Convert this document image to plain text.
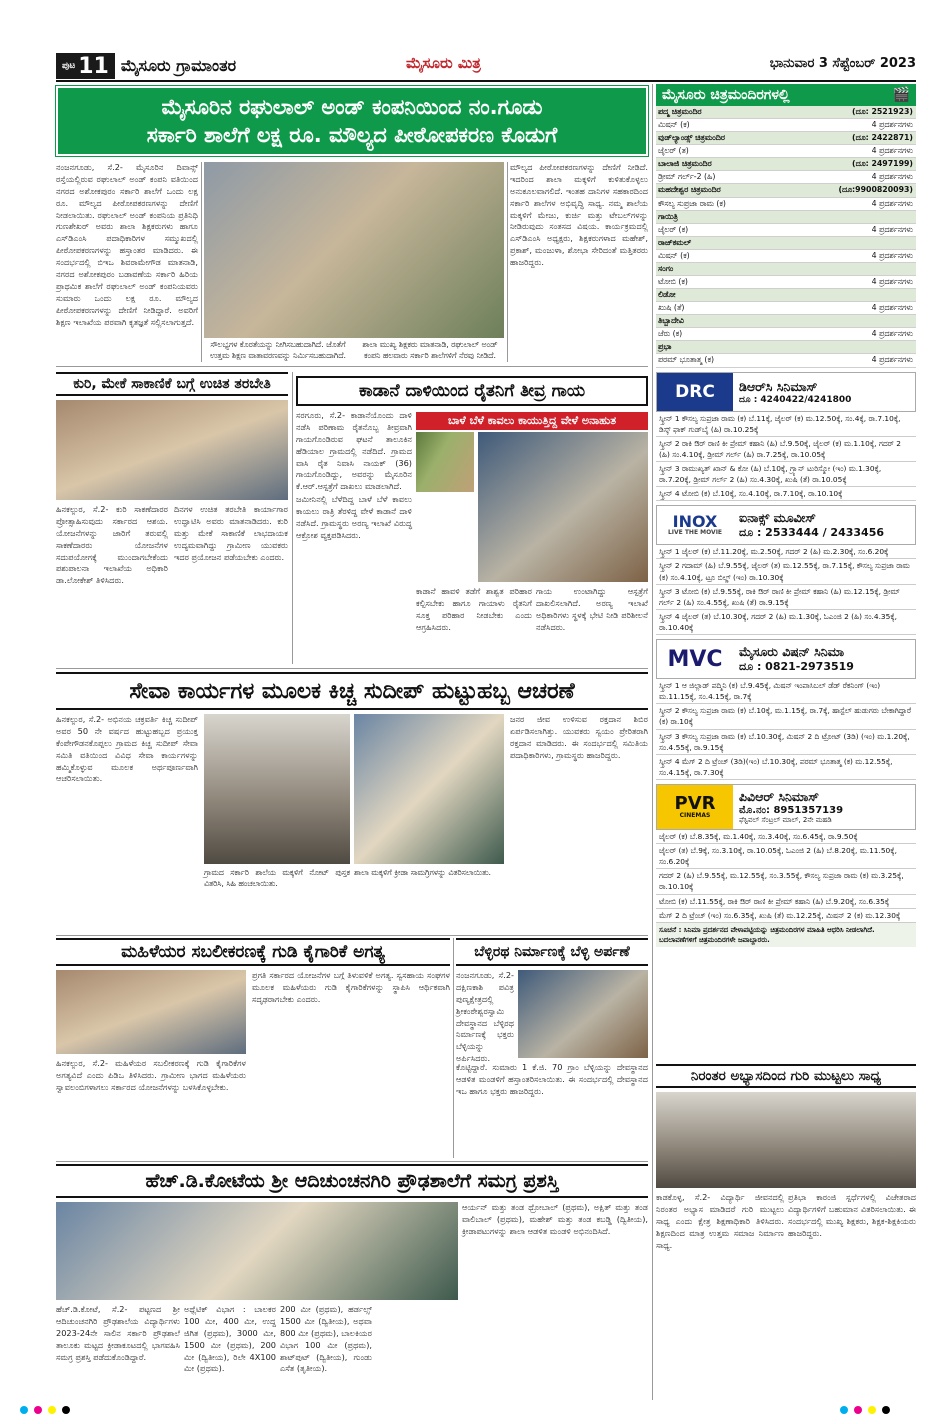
ಪುಟ 11 ಮೈಸೂರು ಗ್ರಾಮಾಂತರ	ಮೈಸೂರು ಮಿತ್ರ	ಭಾನುವಾರ 3 ಸೆಪ್ಟೆಂಬರ್ 2023
ಮೈಸೂರಿನ ರಘುಲಾಲ್ ಅಂಡ್ ಕಂಪನಿಯಿಂದ ನಂ.ಗೂಡು
ಸರ್ಕಾರಿ ಶಾಲೆಗೆ ಲಕ್ಷ ರೂ. ಮೌಲ್ಯದ ಪೀಠೋಪಕರಣ ಕೊಡುಗೆ
ನಂಜನಗೂಡು, ಸೆ.2- ಮೈಸೂರಿನ ದಿವಾನ್ಸ್ ರಸ್ತೆಯಲ್ಲಿರುವ ರಘುಲಾಲ್ ಅಂಡ್ ಕಂಪನಿ ವತಿಯಿಂದ ನಗರದ ಅಶೋಕಪುರಂ ಸರ್ಕಾರಿ ಶಾಲೆಗೆ ಒಂದು ಲಕ್ಷ ರೂ. ಮೌಲ್ಯದ ಪೀಠೋಪಕರಣಗಳನ್ನು ದೇಣಿಗೆ ನೀಡಲಾಯಿತು. ರಘುಲಾಲ್ ಅಂಡ್ ಕಂಪನಿಯ ಪ್ರತಿನಿಧಿ ಗುಣಶೇಖರ್ ಅವರು ಶಾಲಾ ಶಿಕ್ಷಕರುಗಳು ಹಾಗೂ ಎಸ್‌ಡಿಎಂಸಿ ಪದಾಧಿಕಾರಿಗಳ ಸಮ್ಮುಖದಲ್ಲಿ ಪೀಠೋಪಕರಣಗಳನ್ನು ಹಸ್ತಾಂತರ ಮಾಡಿದರು. ಈ ಸಂದರ್ಭದಲ್ಲಿ ಬಿಇಒ ಶಿವರಾಮೇಗೌಡ ಮಾತನಾಡಿ, ನಗರದ ಅಶೋಕಪುರಂ ಬಡಾವಣೆಯ ಸರ್ಕಾರಿ ಹಿರಿಯ ಪ್ರಾಥಮಿಕ ಶಾಲೆಗೆ ರಘುಲಾಲ್ ಅಂಡ್ ಕಂಪನಿಯವರು ಸುಮಾರು ಒಂದು ಲಕ್ಷ ರೂ. ಮೌಲ್ಯದ ಪೀಠೋಪಕರಣಗಳನ್ನು ದೇಣಿಗೆ ನೀಡಿದ್ದಾರೆ. ಅವರಿಗೆ ಶಿಕ್ಷಣ ಇಲಾಖೆಯ ಪರವಾಗಿ ಕೃತಜ್ಞತೆ ಸಲ್ಲಿಸಲಾಗುತ್ತದೆ.
ಸೌಲಭ್ಯಗಳ ಕೊರತೆಯನ್ನು ನೀಗಿಸಬಹುದಾಗಿದೆ. ಜೊತೆಗೆ ಉತ್ತಮ ಶಿಕ್ಷಣ ವಾತಾವರಣವನ್ನು ನಿರ್ಮಿಸಬಹುದಾಗಿದೆ.
ಶಾಲಾ ಮುಖ್ಯ ಶಿಕ್ಷಕರು ಮಾತನಾಡಿ, ರಘುಲಾಲ್ ಅಂಡ್ ಕಂಪನಿ ಹಲವಾರು ಸರ್ಕಾರಿ ಶಾಲೆಗಳಿಗೆ ನೆರವು ನೀಡಿದೆ.
ಮೌಲ್ಯದ ಪೀಠೋಪಕರಣಗಳನ್ನು ದೇಣಿಗೆ ನೀಡಿದೆ. ಇದರಿಂದ ಶಾಲಾ ಮಕ್ಕಳಿಗೆ ಕುಳಿತುಕೊಳ್ಳಲು ಅನುಕೂಲವಾಗಲಿದೆ. ಇಂತಹ ದಾನಿಗಳ ಸಹಕಾರದಿಂದ ಸರ್ಕಾರಿ ಶಾಲೆಗಳ ಅಭಿವೃದ್ಧಿ ಸಾಧ್ಯ. ನಮ್ಮ ಶಾಲೆಯ ಮಕ್ಕಳಿಗೆ ಮೇಜು, ಕುರ್ಚಿ ಮತ್ತು ಟೇಬಲ್‌ಗಳನ್ನು ನೀಡಿರುವುದು ಸಂತಸದ ವಿಷಯ. ಕಾರ್ಯಕ್ರಮದಲ್ಲಿ ಎಸ್‌ಡಿಎಂಸಿ ಅಧ್ಯಕ್ಷರು, ಶಿಕ್ಷಕರುಗಳಾದ ಮಹೇಶ್, ಪ್ರಕಾಶ್, ಮಂಜುಳಾ, ಶೋಭಾ ಸೇರಿದಂತೆ ಮತ್ತಿತರರು ಹಾಜರಿದ್ದರು.
ಕುರಿ, ಮೇಕೆ ಸಾಕಾಣಿಕೆ ಬಗ್ಗೆ ಉಚಿತ ತರಬೇತಿ
ಹಿನಕಲ್ಪುರ, ಸೆ.2- ಕುರಿ ಸಾಕಣೆದಾರರ ಪ್ರೋತ್ಸಾಹಿಸುವುದು ಸರ್ಕಾರದ ಆಶಯ. ಯೋಜನೆಗಳನ್ನು ಜಾರಿಗೆ ತರುವಲ್ಲಿ ಸಾಕಣೆದಾರರು ಯೋಜನೆಗಳ ಸದುಪಯೋಗಕ್ಕೆ ಮುಂದಾಗಬೇಕೆಂದು ಪಶುಪಾಲನಾ ಇಲಾಖೆಯ ಅಧಿಕಾರಿ ಡಾ.ಲೋಕೇಶ್ ತಿಳಿಸಿದರು.
ದಿನಗಳ ಉಚಿತ ತರಬೇತಿ ಕಾರ್ಯಾಗಾರ ಉದ್ಘಾಟಿಸಿ ಅವರು ಮಾತನಾಡಿದರು. ಕುರಿ ಮತ್ತು ಮೇಕೆ ಸಾಕಾಣಿಕೆ ಲಾಭದಾಯಕ ಉದ್ಯಮವಾಗಿದ್ದು ಗ್ರಾಮೀಣ ಯುವಕರು ಇದರ ಪ್ರಯೋಜನ ಪಡೆಯಬೇಕು ಎಂದರು.
ಕಾಡಾನೆ ದಾಳಿಯಿಂದ ರೈತನಿಗೆ ತೀವ್ರ ಗಾಯ
ಸರಗೂರು, ಸೆ.2- ಕಾಡಾನೆಯೊಂದು ದಾಳಿ ನಡೆಸಿ ಪರಿಣಾಮ ರೈತನೊಬ್ಬ ತೀವ್ರವಾಗಿ ಗಾಯಗೊಂಡಿರುವ ಘಟನೆ ತಾಲೂಕಿನ ಹೆಡಿಯಾಲ ಗ್ರಾಮದಲ್ಲಿ ನಡೆದಿದೆ. ಗ್ರಾಮದ ವಾಸಿ ರೈತ ನಿವಾಸಿ ನಾಯಕ್ (36) ಗಾಯಗೊಂಡಿದ್ದು, ಅವರನ್ನು ಮೈಸೂರಿನ ಕೆ.ಆರ್.ಆಸ್ಪತ್ರೆಗೆ ದಾಖಲು ಮಾಡಲಾಗಿದೆ.
ಬಾಳೆ ಬೆಳೆ ಕಾವಲು ಕಾಯುತ್ತಿದ್ದ ವೇಳೆ ಅನಾಹುತ
ಜಮೀನಿನಲ್ಲಿ ಬೆಳೆದಿದ್ದ ಬಾಳೆ ಬೆಳೆ ಕಾವಲು ಕಾಯಲು ರಾತ್ರಿ ತೆರಳಿದ್ದ ವೇಳೆ ಕಾಡಾನೆ ದಾಳಿ ನಡೆಸಿದೆ. ಗ್ರಾಮಸ್ಥರು ಅರಣ್ಯ ಇಲಾಖೆ ವಿರುದ್ಧ ಆಕ್ರೋಶ ವ್ಯಕ್ತಪಡಿಸಿದರು.
ಕಾಡಾನೆ ಹಾವಳಿ ತಡೆಗೆ ಶಾಶ್ವತ ಪರಿಹಾರ ಕಲ್ಪಿಸಬೇಕು ಹಾಗೂ ಗಾಯಾಳು ರೈತನಿಗೆ ಸೂಕ್ತ ಪರಿಹಾರ ನೀಡಬೇಕು ಎಂದು ಆಗ್ರಹಿಸಿದರು.
ಗಾಯ ಉಂಟಾಗಿದ್ದು ಆಸ್ಪತ್ರೆಗೆ ದಾಖಲಿಸಲಾಗಿದೆ. ಅರಣ್ಯ ಇಲಾಖೆ ಅಧಿಕಾರಿಗಳು ಸ್ಥಳಕ್ಕೆ ಭೇಟಿ ನೀಡಿ ಪರಿಶೀಲನೆ ನಡೆಸಿದರು.
ಸೇವಾ ಕಾರ್ಯಗಳ ಮೂಲಕ ಕಿಚ್ಚ ಸುದೀಪ್ ಹುಟ್ಟುಹಬ್ಬ ಆಚರಣೆ
ಹಿನಕಲ್ಪುರ, ಸೆ.2- ಅಭಿನಯ ಚಕ್ರವರ್ತಿ ಕಿಚ್ಚ ಸುದೀಪ್ ಅವರ 50 ನೇ ವರ್ಷದ ಹುಟ್ಟುಹಬ್ಬದ ಪ್ರಯುಕ್ತ ಕೆಂಪೇಗೌಡನಕೊಪ್ಪಲು ಗ್ರಾಮದ ಕಿಚ್ಚ ಸುದೀಪ್ ಸೇವಾ ಸಮಿತಿ ವತಿಯಿಂದ ವಿವಿಧ ಸೇವಾ ಕಾರ್ಯಗಳನ್ನು ಹಮ್ಮಿಕೊಳ್ಳುವ ಮೂಲಕ ಅರ್ಥಪೂರ್ಣವಾಗಿ ಆಚರಿಸಲಾಯಿತು.
ಗ್ರಾಮದ ಸರ್ಕಾರಿ ಶಾಲೆಯ ಮಕ್ಕಳಿಗೆ ನೋಟ್ ಪುಸ್ತಕ ವಿತರಿಸಿ, ಸಿಹಿ ಹಂಚಲಾಯಿತು.
ಶಾಲಾ ಮಕ್ಕಳಿಗೆ ಕ್ರೀಡಾ ಸಾಮಗ್ರಿಗಳನ್ನು ವಿತರಿಸಲಾಯಿತು.
ಜನರ ಜೀವ ಉಳಿಸುವ ರಕ್ತದಾನ ಶಿಬಿರ ಏರ್ಪಡಿಸಲಾಗಿತ್ತು. ಯುವಕರು ಸ್ವಯಂ ಪ್ರೇರಿತರಾಗಿ ರಕ್ತದಾನ ಮಾಡಿದರು. ಈ ಸಂದರ್ಭದಲ್ಲಿ ಸಮಿತಿಯ ಪದಾಧಿಕಾರಿಗಳು, ಗ್ರಾಮಸ್ಥರು ಹಾಜರಿದ್ದರು.
ಮಹಿಳೆಯರ ಸಬಲೀಕರಣಕ್ಕೆ ಗುಡಿ ಕೈಗಾರಿಕೆ ಅಗತ್ಯ
ಹಿನಕಲ್ಪುರ, ಸೆ.2- ಮಹಿಳೆಯರ ಸಬಲೀಕರಣಕ್ಕೆ ಗುಡಿ ಕೈಗಾರಿಕೆಗಳ ಅಗತ್ಯವಿದೆ ಎಂದು ಪಿಡಿಒ ತಿಳಿಸಿದರು. ಗ್ರಾಮೀಣ ಭಾಗದ ಮಹಿಳೆಯರು ಸ್ವಾವಲಂಬಿಗಳಾಗಲು ಸರ್ಕಾರದ ಯೋಜನೆಗಳನ್ನು ಬಳಸಿಕೊಳ್ಳಬೇಕು.
ಪ್ರಗತಿ ಸರ್ಕಾರದ ಯೋಜನೆಗಳ ಬಗ್ಗೆ ತಿಳುವಳಿಕೆ ಅಗತ್ಯ. ಸ್ವಸಹಾಯ ಸಂಘಗಳ ಮೂಲಕ ಮಹಿಳೆಯರು ಗುಡಿ ಕೈಗಾರಿಕೆಗಳನ್ನು ಸ್ಥಾಪಿಸಿ ಆರ್ಥಿಕವಾಗಿ ಸದೃಢರಾಗಬೇಕು ಎಂದರು.
ಬೆಳ್ಳಿರಥ ನಿರ್ಮಾಣಕ್ಕೆ ಬೆಳ್ಳಿ ಅರ್ಪಣೆ
ನಂಜನಗೂಡು, ಸೆ.2- ದಕ್ಷಿಣಕಾಶಿ ಪವಿತ್ರ ಪುಣ್ಯಕ್ಷೇತ್ರದಲ್ಲಿ ಶ್ರೀಕಂಠೇಶ್ವರಸ್ವಾಮಿ ದೇವಸ್ಥಾನದ ಬೆಳ್ಳಿರಥ ನಿರ್ಮಾಣಕ್ಕೆ ಭಕ್ತರು ಬೆಳ್ಳಿಯನ್ನು ಅರ್ಪಿಸಿದರು.
ಕೊಟ್ಟಿದ್ದಾರೆ. ಸುಮಾರು 1 ಕೆ.ಜಿ. 70 ಗ್ರಾಂ ಬೆಳ್ಳಿಯನ್ನು ದೇವಸ್ಥಾನದ ಆಡಳಿತ ಮಂಡಳಿಗೆ ಹಸ್ತಾಂತರಿಸಲಾಯಿತು. ಈ ಸಂದರ್ಭದಲ್ಲಿ ದೇವಸ್ಥಾನದ ಇಒ ಹಾಗೂ ಭಕ್ತರು ಹಾಜರಿದ್ದರು.
ಹೆಚ್.ಡಿ.ಕೋಟೆಯ ಶ್ರೀ ಆದಿಚುಂಚನಗಿರಿ ಪ್ರೌಢಶಾಲೆಗೆ ಸಮಗ್ರ ಪ್ರಶಸ್ತಿ
ಹೆಚ್.ಡಿ.ಕೋಟೆ, ಸೆ.2- ಪಟ್ಟಣದ ಶ್ರೀ ಆದಿಚುಂಚನಗಿರಿ ಪ್ರೌಢಶಾಲೆಯ ವಿದ್ಯಾರ್ಥಿಗಳು 2023-24ನೇ ಸಾಲಿನ ಸರ್ಕಾರಿ ಪ್ರೌಢಶಾಲೆ ತಾಲೂಕು ಮಟ್ಟದ ಕ್ರೀಡಾಕೂಟದಲ್ಲಿ ಭಾಗವಹಿಸಿ ಸಮಗ್ರ ಪ್ರಶಸ್ತಿ ಪಡೆದುಕೊಂಡಿದ್ದಾರೆ.
ಅಥ್ಲೆಟಿಕ್ ವಿಭಾಗ : ಬಾಲಕರ 100 ಮೀ, 400 ಮೀ, ಉದ್ದ ಜಿಗಿತ (ಪ್ರಥಮ), 3000 ಮೀ, 1500 ಮೀ (ಪ್ರಥಮ), 200 ಮೀ (ದ್ವಿತೀಯ), ರಿಲೇ 4X100 ಮೀ (ಪ್ರಥಮ).
200 ಮೀ (ಪ್ರಥಮ), ಹರ್ಡಲ್ಸ್ 1500 ಮೀ (ದ್ವಿತೀಯ), ಅಥವಾ 800 ಮೀ (ಪ್ರಥಮ), ಬಾಲಕಿಯರ ವಿಭಾಗ 100 ಮೀ (ಪ್ರಥಮ), ಶಾಟ್‌ಪುಟ್ (ದ್ವಿತೀಯ), ಗುಂಡು ಎಸೆತ (ತೃತೀಯ).
ಆರ್ಯನ್ ಮತ್ತು ತಂಡ ಥ್ರೋಬಾಲ್ (ಪ್ರಥಮ), ಅಕ್ಷಿತ್ ಮತ್ತು ತಂಡ ವಾಲಿಬಾಲ್ (ಪ್ರಥಮ), ಮಹೇಶ್ ಮತ್ತು ತಂಡ ಕಬಡ್ಡಿ (ದ್ವಿತೀಯ), ಕ್ರೀಡಾಪಟುಗಳನ್ನು ಶಾಲಾ ಆಡಳಿತ ಮಂಡಳಿ ಅಭಿನಂದಿಸಿದೆ.
ನಿರಂತರ ಅಭ್ಯಾಸದಿಂದ ಗುರಿ ಮುಟ್ಟಲು ಸಾಧ್ಯ
ಕಾಡಕೊಳ್ಳ, ಸೆ.2- ವಿದ್ಯಾರ್ಥಿ ಜೀವನದಲ್ಲಿ ನಿರಂತರ ಅಭ್ಯಾಸ ಮಾಡಿದರೆ ಗುರಿ ಮುಟ್ಟಲು ಸಾಧ್ಯ ಎಂದು ಕ್ಷೇತ್ರ ಶಿಕ್ಷಣಾಧಿಕಾರಿ ತಿಳಿಸಿದರು. ಶಿಕ್ಷಣದಿಂದ ಮಾತ್ರ ಉತ್ತಮ ಸಮಾಜ ನಿರ್ಮಾಣ ಸಾಧ್ಯ.
ಪ್ರತಿಭಾ ಕಾರಂಜಿ ಸ್ಪರ್ಧೆಗಳಲ್ಲಿ ವಿಜೇತರಾದ ವಿದ್ಯಾರ್ಥಿಗಳಿಗೆ ಬಹುಮಾನ ವಿತರಿಸಲಾಯಿತು. ಈ ಸಂದರ್ಭದಲ್ಲಿ ಮುಖ್ಯ ಶಿಕ್ಷಕರು, ಶಿಕ್ಷಕ-ಶಿಕ್ಷಕಿಯರು ಹಾಜರಿದ್ದರು.
ಮೈಸೂರು ಚಿತ್ರಮಂದಿರಗಳಲ್ಲಿ	🎬
ಪದ್ಮ ಚಿತ್ರಮಂದಿರ	(ದೂ: 2521923)
ಮಿಷನ್ (ಕ)	4 ಪ್ರದರ್ಶನಗಳು
ವುಡ್‌ಲ್ಯಾಂಡ್ಸ್ ಚಿತ್ರಮಂದಿರ	(ದೂ: 2422871)
ಜೈಲರ್ (ತ)	4 ಪ್ರದರ್ಶನಗಳು
ಬಾಲಾಜಿ ಚಿತ್ರಮಂದಿರ	(ದೂ: 2497199)
ಡ್ರೀಮ್ ಗರ್ಲ್-2 (ಹಿ)	4 ಪ್ರದರ್ಶನಗಳು
ಮಹದೇಶ್ವರ ಚಿತ್ರಮಂದಿರ	(ದೂ:9900820093)
ಕೌಸಲ್ಯ ಸುಪ್ರಜಾ ರಾಮ (ಕ)	4 ಪ್ರದರ್ಶನಗಳು
ಗಾಯಿತ್ರಿ
ಜೈಲರ್ (ಕ)	4 ಪ್ರದರ್ಶನಗಳು
ರಾಜ್‌ಕಮಲ್
ಮಿಷನ್ (ಕ)	4 ಪ್ರದರ್ಶನಗಳು
ಸಂಗಂ
ಟೋಬಿ (ಕ)	4 ಪ್ರದರ್ಶನಗಳು
ಲಿಡೋ
ಖುಷಿ (ತೆ)	4 ಪ್ರದರ್ಶನಗಳು
ತಿಬ್ಬಾದೇವಿ
ಜೆರು (ಕ)	4 ಪ್ರದರ್ಶನಗಳು
ಪ್ರಭಾ
ಪರಮ್ ಭೂತಾತ್ಮ (ಕ)	4 ಪ್ರದರ್ಶನಗಳು
DRC	ಡಿಆರ್‌ಸಿ ಸಿನಿಮಾಸ್
ದೂ : 4240422/4241800
ಸ್ಕ್ರೀನ್ 1 ಕೌಸಲ್ಯ ಸುಪ್ರಜಾ ರಾಮ (ಕ) ಬೆ.11ಕ್ಕೆ, ಜೈಲರ್ (ಕ) ಮ.12.50ಕ್ಕೆ, ಸಂ.4ಕ್ಕೆ, ರಾ.7.10ಕ್ಕೆ, ಡಿಸ್ಕ್ ಫಾಕ್ ಗುಡ್‌ಬೈ (ಹಿ) ರಾ.10.25ಕ್ಕೆ
ಸ್ಕ್ರೀನ್ 2 ರಾಕಿ ಔರ್ ರಾಣಿ ಕೀ ಪ್ರೇಮ್ ಕಹಾನಿ (ಹಿ) ಬೆ.9.50ಕ್ಕೆ, ಜೈಲರ್ (ಕ) ಮ.1.10ಕ್ಕೆ, ಗದರ್ 2 (ಹಿ) ಸಂ.4.10ಕ್ಕೆ, ಡ್ರೀಮ್ ಗರ್ಲ್ (ಹಿ) ರಾ.7.25ಕ್ಕೆ, ರಾ.10.05ಕ್ಕೆ
ಸ್ಕ್ರೀನ್ 3 ರಾಮುಖ್ಯತ್ ಖಾನ್ & ಕೋ (ಹಿ) ಬೆ.10ಕ್ಕೆ, ಗ್ರ್ಯಾನ್ ಟುರಿಸ್ಮೋ (ಇಂ) ಮ.1.30ಕ್ಕೆ, ರಾ.7.20ಕ್ಕೆ, ಡ್ರೀಮ್ ಗರ್ಲ್ 2 (ಹಿ) ಸಂ.4.30ಕ್ಕೆ, ಖುಷಿ (ತೆ) ರಾ.10.05ಕ್ಕೆ
ಸ್ಕ್ರೀನ್ 4 ಟೋಬಿ (ಕ) ಬೆ.10ಕ್ಕೆ, ಸಂ.4.10ಕ್ಕೆ, ರಾ.7.10ಕ್ಕೆ, ರಾ.10.10ಕ್ಕೆ
INOX
LIVE THE MOVIE
ಐನಾಕ್ಸ್ ಮೂವೀಸ್
ದೂ : 2533444 / 2433456
ಸ್ಕ್ರೀನ್ 1 ಜೈಲರ್ (ಕ) ಬೆ.11.20ಕ್ಕೆ, ಮ.2.50ಕ್ಕೆ, ಗದರ್ 2 (ಹಿ) ಮ.2.30ಕ್ಕೆ, ಸಂ.6.20ಕ್ಕೆ
ಸ್ಕ್ರೀನ್ 2 ಗದಾಮ್ (ಹಿ) ಬೆ.9.55ಕ್ಕೆ, ಜೈಲರ್ (ತ) ಮ.12.55ಕ್ಕೆ, ರಾ.7.15ಕ್ಕೆ, ಕೌಸಲ್ಯ ಸುಪ್ರಜಾ ರಾಮ (ಕ) ಸಂ.4.10ಕ್ಕೆ, ಟ್ರೂ ಬಿಲ್ಡ್ (ಇಂ) ರಾ.10.30ಕ್ಕೆ
ಸ್ಕ್ರೀನ್ 3 ಟೋಬಿ (ಕ) ಬೆ.9.55ಕ್ಕೆ, ರಾಕಿ ಔರ್ ರಾಣಿ ಕೀ ಪ್ರೇಮ್ ಕಹಾನಿ (ಹಿ) ಮ.12.15ಕ್ಕೆ, ಡ್ರೀಮ್ ಗರ್ಲ್ 2 (ಹಿ) ಸಂ.4.55ಕ್ಕೆ, ಖುಷಿ (ತೆ) ರಾ.9.15ಕ್ಕೆ
ಸ್ಕ್ರೀನ್ 4 ಜೈಲರ್ (ತ) ಬೆ.10.30ಕ್ಕೆ, ಗದರ್ 2 (ಹಿ) ಮ.1.30ಕ್ಕೆ, ಓಎಂಜಿ 2 (ಹಿ) ಸಂ.4.35ಕ್ಕೆ, ರಾ.10.40ಕ್ಕೆ
MVC	ಮೈಸೂರು ವಿಷನ್ ಸಿನಿಮಾ
ದೂ : 0821-2973519
ಸ್ಕ್ರೀನ್ 1 ಆ ಜಿಲ್ಲಾಡ್ ಪದ್ಮಿನಿ (ಕ) ಬೆ.9.45ಕ್ಕೆ, ಮಿಷನ್ ಇಂಪಾಸಿಬಲ್ ಡೆಡ್ ರೆಕನಿಂಗ್ (ಇಂ) ಮ.11.15ಕ್ಕೆ, ಸಂ.4.15ಕ್ಕೆ, ರಾ.7ಕ್ಕೆ
ಸ್ಕ್ರೀನ್ 2 ಕೌಸಲ್ಯ ಸುಪ್ರಜಾ ರಾಮ (ಕ) ಬೆ.10ಕ್ಕೆ, ಮ.1.15ಕ್ಕೆ, ರಾ.7ಕ್ಕೆ, ಹಾಸ್ಟೆಲ್ ಹುಡುಗರು ಬೇಕಾಗಿದ್ದಾರೆ (ಕ) ರಾ.10ಕ್ಕೆ
ಸ್ಕ್ರೀನ್ 3 ಕೌಸಲ್ಯ ಸುಪ್ರಜಾ ರಾಮ (ಕ) ಬೆ.10.30ಕ್ಕೆ, ಮಿಷನ್ 2 ದಿ ಟ್ರೋಟ್ (3ಡಿ) (ಇಂ) ಮ.1.20ಕ್ಕೆ, ಸಂ.4.55ಕ್ಕೆ, ರಾ.9.15ಕ್ಕೆ
ಸ್ಕ್ರೀನ್ 4 ಮೆಗ್ 2 ದಿ ಟ್ರೆಂಚ್ (3ಡಿ)(ಇಂ) ಬೆ.10.30ಕ್ಕೆ, ಪರಮ್ ಭೂತಾತ್ಮ (ಕ) ಮ.12.55ಕ್ಕೆ, ಸಂ.4.15ಕ್ಕೆ, ರಾ.7.30ಕ್ಕೆ
PVR
CINEMAS
ಪಿವಿಆರ್ ಸಿನಿಮಾಸ್
ಮೊ.ನಂ: 8951357139
ಫೆಸ್ಟಿವಲ್ ಸೆಂಟ್ರಲ್ ಮಾಲ್, 2ನೇ ಮಹಡಿ
ಜೈಲರ್ (ಕ) ಬೆ.8.35ಕ್ಕೆ, ಮ.1.40ಕ್ಕೆ, ಸಂ.3.40ಕ್ಕೆ, ಸಂ.6.45ಕ್ಕೆ, ರಾ.9.50ಕ್ಕೆ
ಜೈಲರ್ (ತ) ಬೆ.9ಕ್ಕೆ, ಸಂ.3.10ಕ್ಕೆ, ರಾ.10.05ಕ್ಕೆ, ಓಎಂಜಿ 2 (ಹಿ) ಬೆ.8.20ಕ್ಕೆ, ಮ.11.50ಕ್ಕೆ, ಸಂ.6.20ಕ್ಕೆ
ಗದರ್ 2 (ಹಿ) ಬೆ.9.55ಕ್ಕೆ, ಮ.12.55ಕ್ಕೆ, ಸಂ.3.55ಕ್ಕೆ, ಕೌಸಲ್ಯ ಸುಪ್ರಜಾ ರಾಮ (ಕ) ಮ.3.25ಕ್ಕೆ, ರಾ.10.10ಕ್ಕೆ
ಟೋಬಿ (ಕ) ಬೆ.11.55ಕ್ಕೆ, ರಾಕಿ ಔರ್ ರಾಣಿ ಕೀ ಪ್ರೇಮ್ ಕಹಾನಿ (ಹಿ) ಬೆ.9.20ಕ್ಕೆ, ಸಂ.6.35ಕ್ಕೆ
ಮೆಗ್ 2 ದಿ ಟ್ರೆಂಚ್ (ಇಂ) ಸಂ.6.35ಕ್ಕೆ, ಖುಷಿ (ತೆ) ಮ.12.25ಕ್ಕೆ, ಮಿಷನ್ 2 (ಕ) ಮ.12.30ಕ್ಕೆ
ಸೂಚನೆ : ಸಿನಿಮಾ ಪ್ರದರ್ಶನದ ವೇಳಾಪಟ್ಟಿಯನ್ನು ಚಿತ್ರಮಂದಿರಗಳ ಮಾಹಿತಿ ಆಧರಿಸಿ ನೀಡಲಾಗಿದೆ. ಬದಲಾವಣೆಗಳಿಗೆ ಚಿತ್ರಮಂದಿರಗಳೇ ಜವಾಬ್ದಾರರು.
